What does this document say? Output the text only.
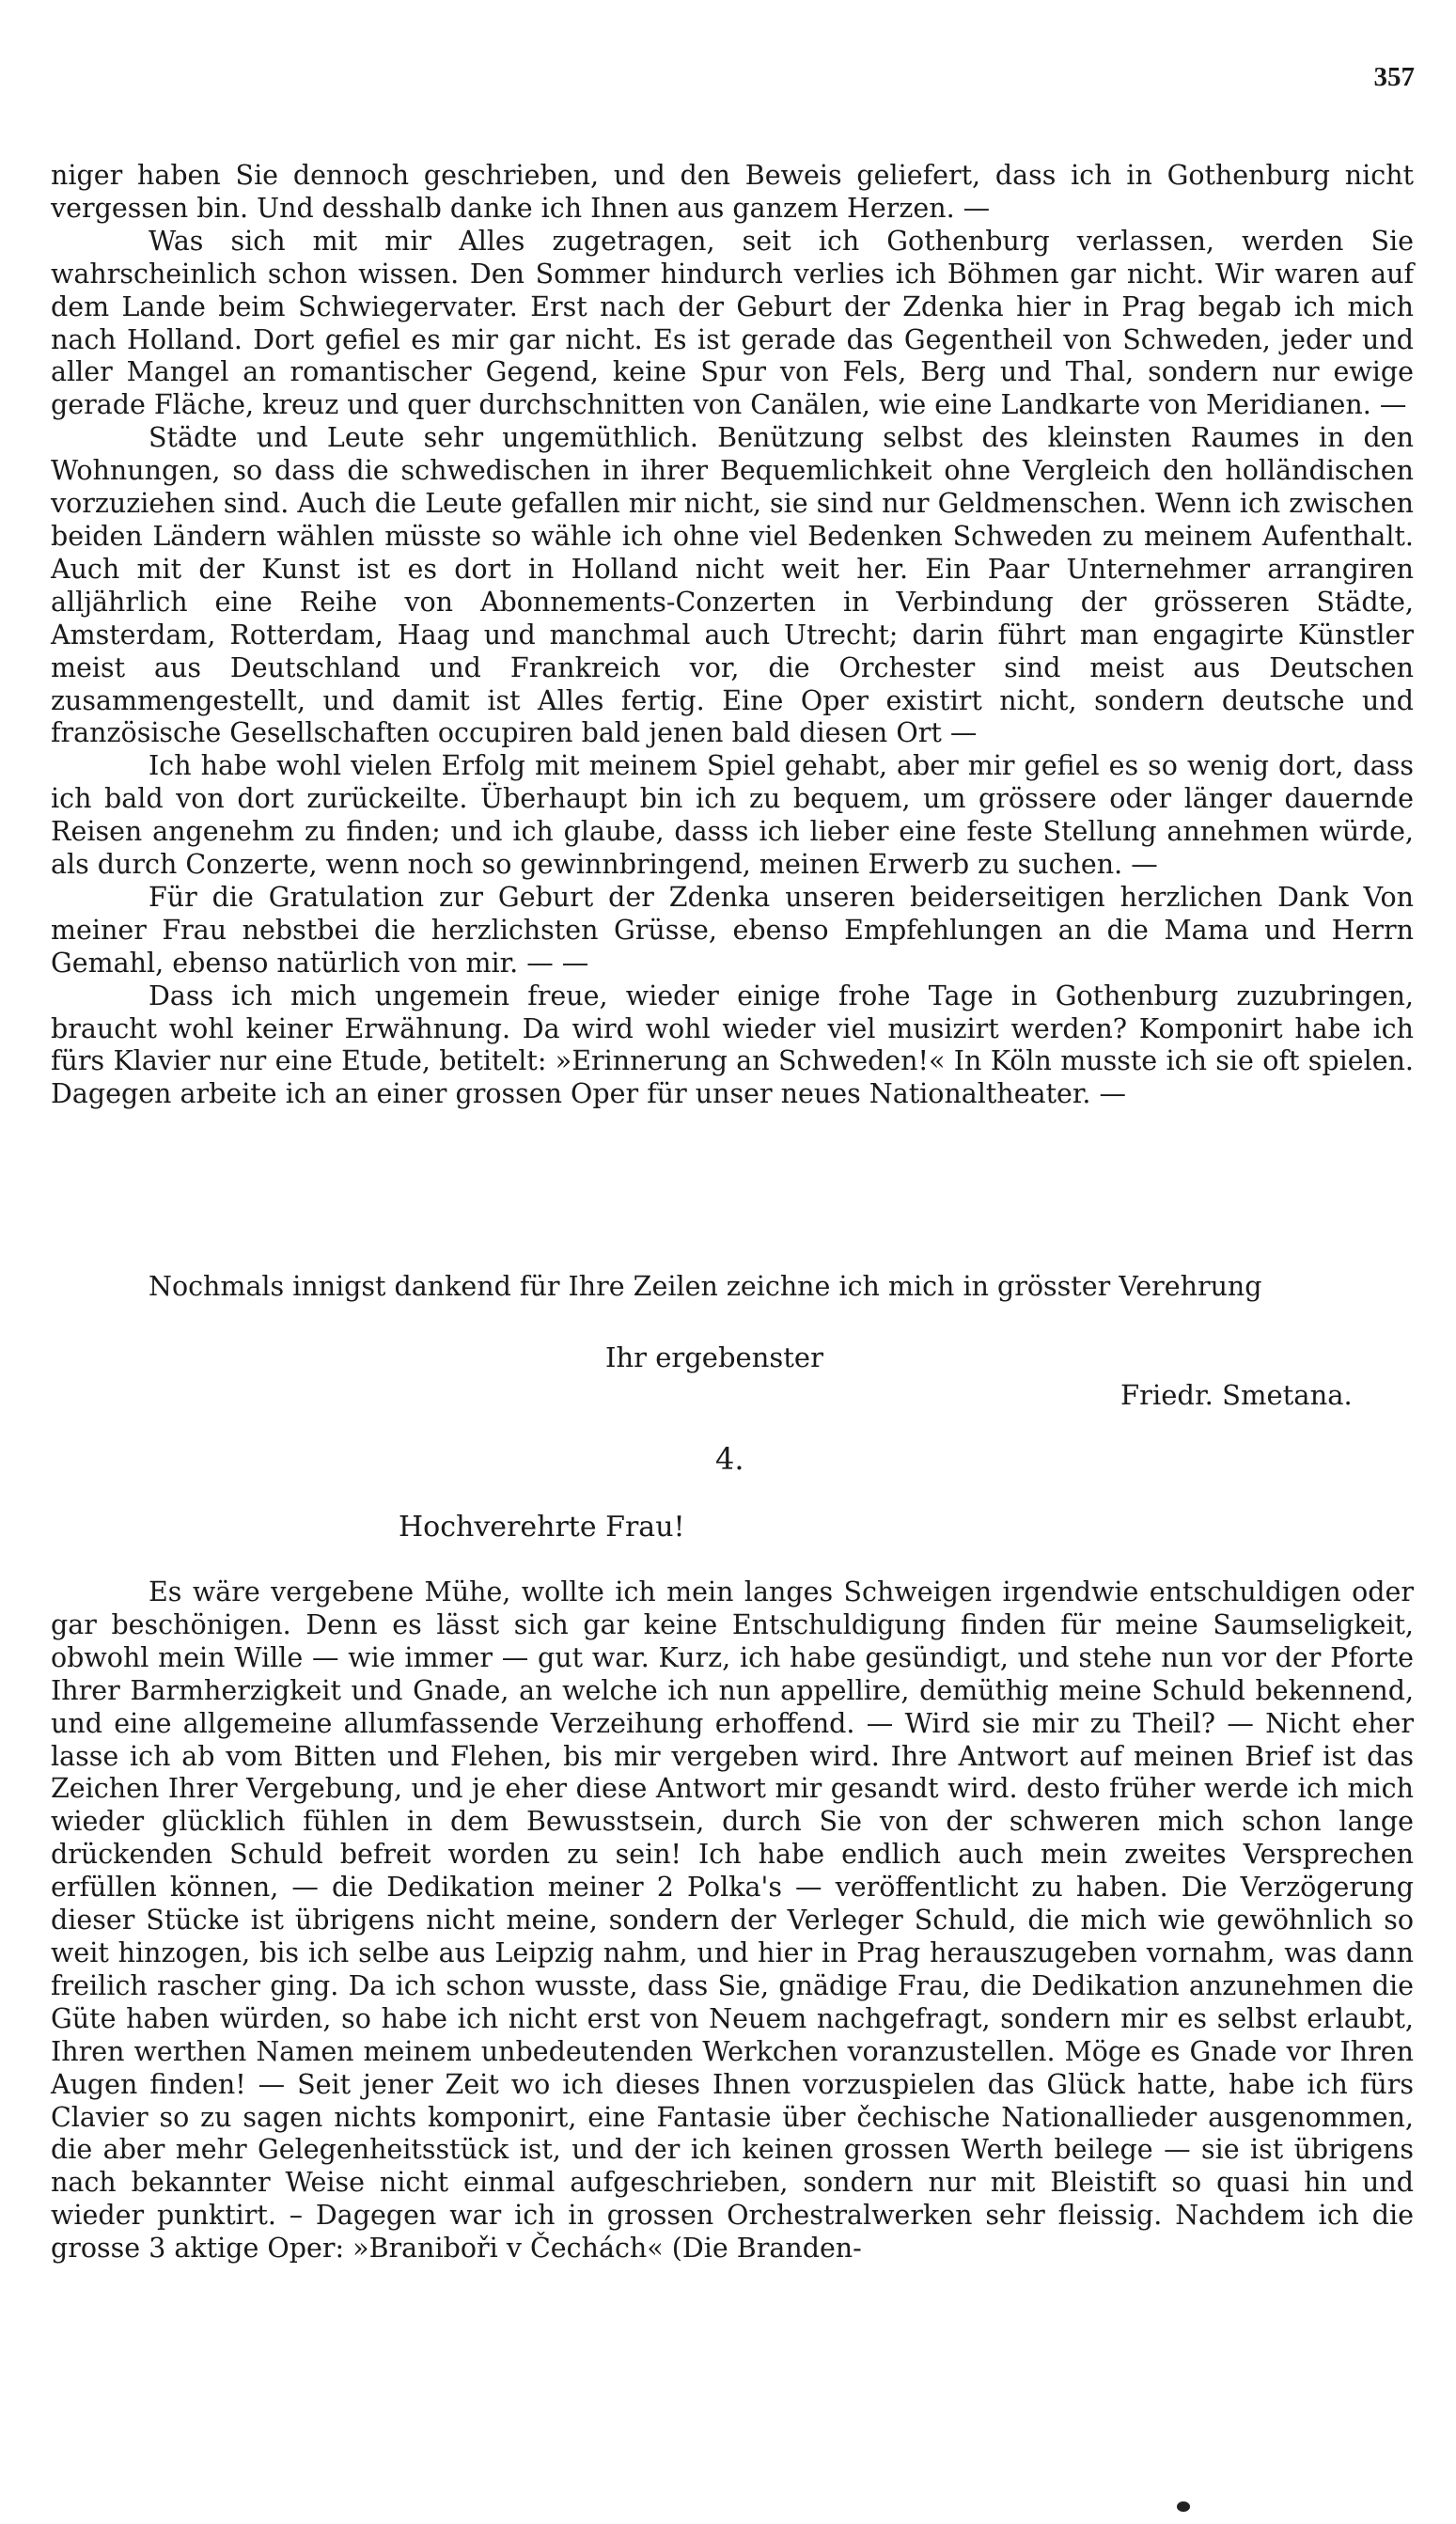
357

niger haben Sie dennoch geschrieben, und den Beweis geliefert, dass ich in Gothenburg nicht vergessen bin. Und desshalb danke ich Ihnen aus ganzem Herzen. —

Was sich mit mir Alles zugetragen, seit ich Gothenburg verlassen, werden Sie wahrscheinlich schon wissen. Den Sommer hindurch verlies ich Böhmen gar nicht. Wir waren auf dem Lande beim Schwiegervater. Erst nach der Geburt der Zdenka hier in Prag begab ich mich nach Holland. Dort gefiel es mir gar nicht. Es ist gerade das Gegentheil von Schweden, jeder und aller Mangel an romantischer Gegend, keine Spur von Fels, Berg und Thal, sondern nur ewige gerade Fläche, kreuz und quer durchschnitten von Canälen, wie eine Landkarte von Meridianen. —

Städte und Leute sehr ungemüthlich. Benützung selbst des kleinsten Raumes in den Wohnungen, so dass die schwedischen in ihrer Bequemlichkeit ohne Vergleich den holländischen vorzuziehen sind. Auch die Leute gefallen mir nicht, sie sind nur Geldmenschen. Wenn ich zwischen beiden Ländern wählen müsste so wähle ich ohne viel Bedenken Schweden zu meinem Aufenthalt. Auch mit der Kunst ist es dort in Holland nicht weit her. Ein Paar Unternehmer arrangiren alljährlich eine Reihe von Abonnements-Conzerten in Verbindung der grösseren Städte, Amsterdam, Rotterdam, Haag und manchmal auch Utrecht; darin führt man engagirte Künstler meist aus Deutschland und Frankreich vor, die Orchester sind meist aus Deutschen zusammengestellt, und damit ist Alles fertig. Eine Oper existirt nicht, sondern deutsche und französische Gesellschaften occupiren bald jenen bald diesen Ort —

Ich habe wohl vielen Erfolg mit meinem Spiel gehabt, aber mir gefiel es so wenig dort, dass ich bald von dort zurückeilte. Überhaupt bin ich zu bequem, um grössere oder länger dauernde Reisen angenehm zu finden; und ich glaube, dasss ich lieber eine feste Stellung annehmen würde, als durch Conzerte, wenn noch so gewinnbringend, meinen Erwerb zu suchen. —

Für die Gratulation zur Geburt der Zdenka unseren beiderseitigen herzlichen Dank Von meiner Frau nebstbei die herzlichsten Grüsse, ebenso Empfehlungen an die Mama und Herrn Gemahl, ebenso natürlich von mir. — —

Dass ich mich ungemein freue, wieder einige frohe Tage in Gothenburg zuzubringen, braucht wohl keiner Erwähnung. Da wird wohl wieder viel musizirt werden? Komponirt habe ich fürs Klavier nur eine Etude, betitelt: »Erinnerung an Schweden!« In Köln musste ich sie oft spielen. Dagegen arbeite ich an einer grossen Oper für unser neues Nationaltheater. —

Nochmals innigst dankend für Ihre Zeilen zeichne ich mich in grösster Verehrung

Ihr ergebenster
Friedr. Smetana.
4.
Hochverehrte Frau!

Es wäre vergebene Mühe, wollte ich mein langes Schweigen irgendwie entschuldigen oder gar beschönigen. Denn es lässt sich gar keine Entschuldigung finden für meine Saumseligkeit, obwohl mein Wille — wie immer — gut war. Kurz, ich habe gesündigt, und stehe nun vor der Pforte Ihrer Barmherzigkeit und Gnade, an welche ich nun appellire, demüthig meine Schuld bekennend, und eine allgemeine allumfassende Verzeihung erhoffend. — Wird sie mir zu Theil? — Nicht eher lasse ich ab vom Bitten und Flehen, bis mir vergeben wird. Ihre Antwort auf meinen Brief ist das Zeichen Ihrer Vergebung, und je eher diese Antwort mir gesandt wird. desto früher werde ich mich wieder glücklich fühlen in dem Bewusstsein, durch Sie von der schweren mich schon lange drückenden Schuld befreit worden zu sein! Ich habe endlich auch mein zweites Versprechen erfüllen können, — die Dedikation meiner 2 Polka's — veröffentlicht zu haben. Die Verzögerung dieser Stücke ist übrigens nicht meine, sondern der Verleger Schuld, die mich wie gewöhnlich so weit hinzogen, bis ich selbe aus Leipzig nahm, und hier in Prag herauszugeben vornahm, was dann freilich rascher ging. Da ich schon wusste, dass Sie, gnädige Frau, die Dedikation anzunehmen die Güte haben würden, so habe ich nicht erst von Neuem nachgefragt, sondern mir es selbst erlaubt, Ihren werthen Namen meinem unbedeutenden Werkchen voranzustellen. Möge es Gnade vor Ihren Augen finden! — Seit jener Zeit wo ich dieses Ihnen vorzuspielen das Glück hatte, habe ich fürs Clavier so zu sagen nichts komponirt, eine Fantasie über čechische Nationallieder ausgenommen, die aber mehr Gelegenheitsstück ist, und der ich keinen grossen Werth beilege — sie ist übrigens nach bekannter Weise nicht einmal aufgeschrieben, sondern nur mit Bleistift so quasi hin und wieder punktirt. – Dagegen war ich in grossen Orchestralwerken sehr fleissig. Nachdem ich die grosse 3 aktige Oper: »Braniboři v Čechách« (Die Branden-
